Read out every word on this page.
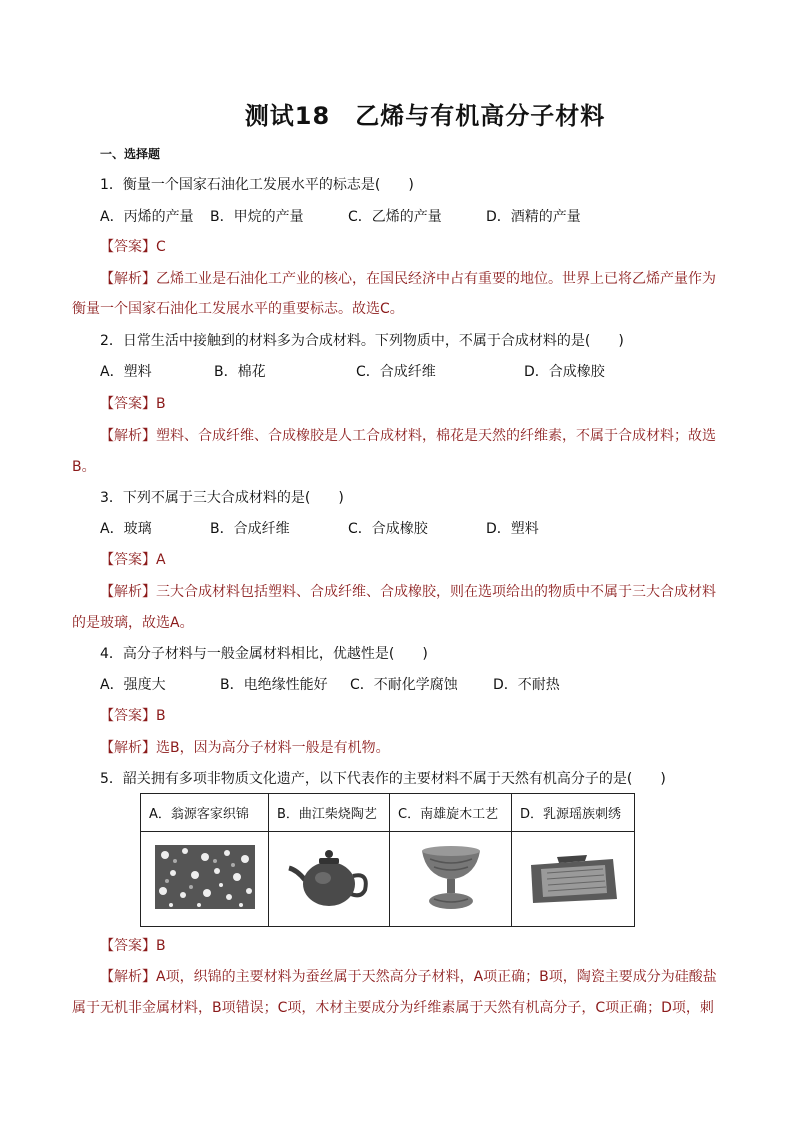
测试18　乙烯与有机高分子材料
一、选择题
1．衡量一个国家石油化工发展水平的标志是(　　)
A．丙烯的产量 B．甲烷的产量	C．乙烯的产量	D．酒精的产量
【答案】C
【解析】乙烯工业是石油化工产业的核心，在国民经济中占有重要的地位。世界上已将乙烯产量作为
衡量一个国家石油化工发展水平的重要标志。故选C。
2．日常生活中接触到的材料多为合成材料。下列物质中，不属于合成材料的是(　　)
A．塑料	B．棉花	C．合成纤维	D．合成橡胶
【答案】B
【解析】塑料、合成纤维、合成橡胶是人工合成材料，棉花是天然的纤维素，不属于合成材料；故选
B。
3．下列不属于三大合成材料的是(　　)
A．玻璃	B．合成纤维	C．合成橡胶	D．塑料
【答案】A
【解析】三大合成材料包括塑料、合成纤维、合成橡胶，则在选项给出的物质中不属于三大合成材料
的是玻璃，故选A。
4．高分子材料与一般金属材料相比，优越性是(　　)
A．强度大	B．电绝缘性能好 C．不耐化学腐蚀	D．不耐热
【答案】B
【解析】选B，因为高分子材料一般是有机物。
5．韶关拥有多项非物质文化遗产，以下代表作的主要材料不属于天然有机高分子的是(　　)
A．翁源客家织锦	B．曲江柴烧陶艺	C．南雄旋木工艺	D．乳源瑶族刺绣

【答案】B
【解析】A项，织锦的主要材料为蚕丝属于天然高分子材料，A项正确；B项，陶瓷主要成分为硅酸盐
属于无机非金属材料，B项错误；C项，木材主要成分为纤维素属于天然有机高分子，C项正确；D项，刺
